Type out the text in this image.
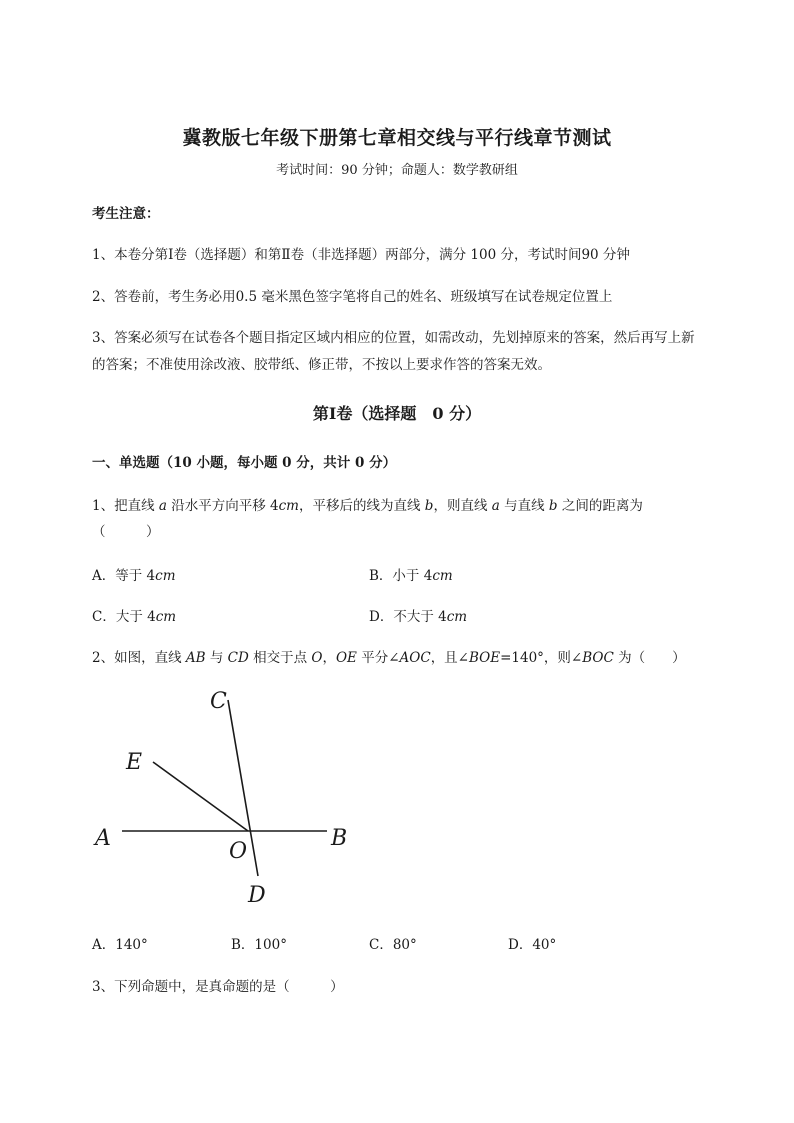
冀教版七年级下册第七章相交线与平行线章节测试
考试时间：90 分钟；命题人：数学教研组
考生注意：
1、本卷分第Ⅰ卷（选择题）和第Ⅱ卷（非选择题）两部分，满分 100 分，考试时间90 分钟
2、答卷前，考生务必用0.5 毫米黑色签字笔将自己的姓名、班级填写在试卷规定位置上
3、答案必须写在试卷各个题目指定区域内相应的位置，如需改动，先划掉原来的答案，然后再写上新
的答案；不准使用涂改液、胶带纸、修正带，不按以上要求作答的答案无效。
第Ⅰ卷（选择题　0 分）
一、单选题（10 小题，每小题 0 分，共计 0 分）
1、把直线 a 沿水平方向平移 4cm，平移后的线为直线 b，则直线 a 与直线 b 之间的距离为
（　　　）
A．等于 4cm	B．小于 4cm
C．大于 4cm	D．不大于 4cm
2、如图，直线 AB 与 CD 相交于点 O，OE 平分∠AOC，且∠BOE=140°，则∠BOC 为（　　）
C
E
A	B
O
D
A．140°	B．100°	C．80°	D．40°
3、下列命题中，是真命题的是（　　　）
